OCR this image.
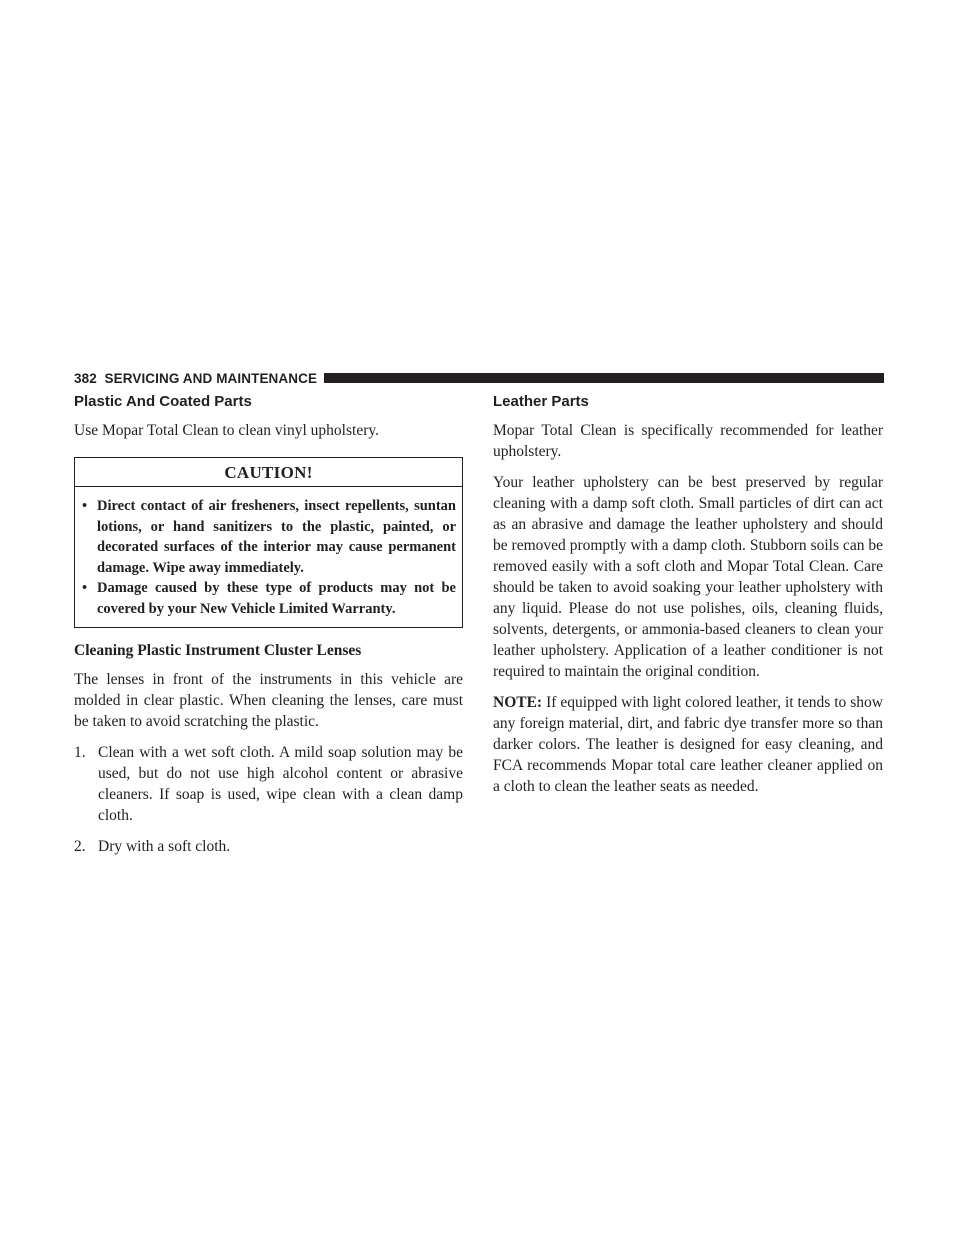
382 SERVICING AND MAINTENANCE
Plastic And Coated Parts

Use Mopar Total Clean to clean vinyl upholstery.

CAUTION!
• Direct contact of air fresheners, insect repellents, suntan lotions, or hand sanitizers to the plastic, painted, or decorated surfaces of the interior may cause permanent damage. Wipe away immediately.
• Damage caused by these type of products may not be covered by your New Vehicle Limited Warranty.
Cleaning Plastic Instrument Cluster Lenses

The lenses in front of the instruments in this vehicle are molded in clear plastic. When cleaning the lenses, care must be taken to avoid scratching the plastic.

1. Clean with a wet soft cloth. A mild soap solution may be used, but do not use high alcohol content or abrasive cleaners. If soap is used, wipe clean with a clean damp cloth.
2. Dry with a soft cloth.
Leather Parts

Mopar Total Clean is specifically recommended for leather upholstery.

Your leather upholstery can be best preserved by regular cleaning with a damp soft cloth. Small particles of dirt can act as an abrasive and damage the leather upholstery and should be removed promptly with a damp cloth. Stubborn soils can be removed easily with a soft cloth and Mopar Total Clean. Care should be taken to avoid soaking your leather upholstery with any liquid. Please do not use polishes, oils, cleaning fluids, solvents, detergents, or ammonia-based cleaners to clean your leather upholstery. Application of a leather conditioner is not required to maintain the original condition.

NOTE: If equipped with light colored leather, it tends to show any foreign material, dirt, and fabric dye transfer more so than darker colors. The leather is designed for easy cleaning, and FCA recommends Mopar total care leather cleaner applied on a cloth to clean the leather seats as needed.
